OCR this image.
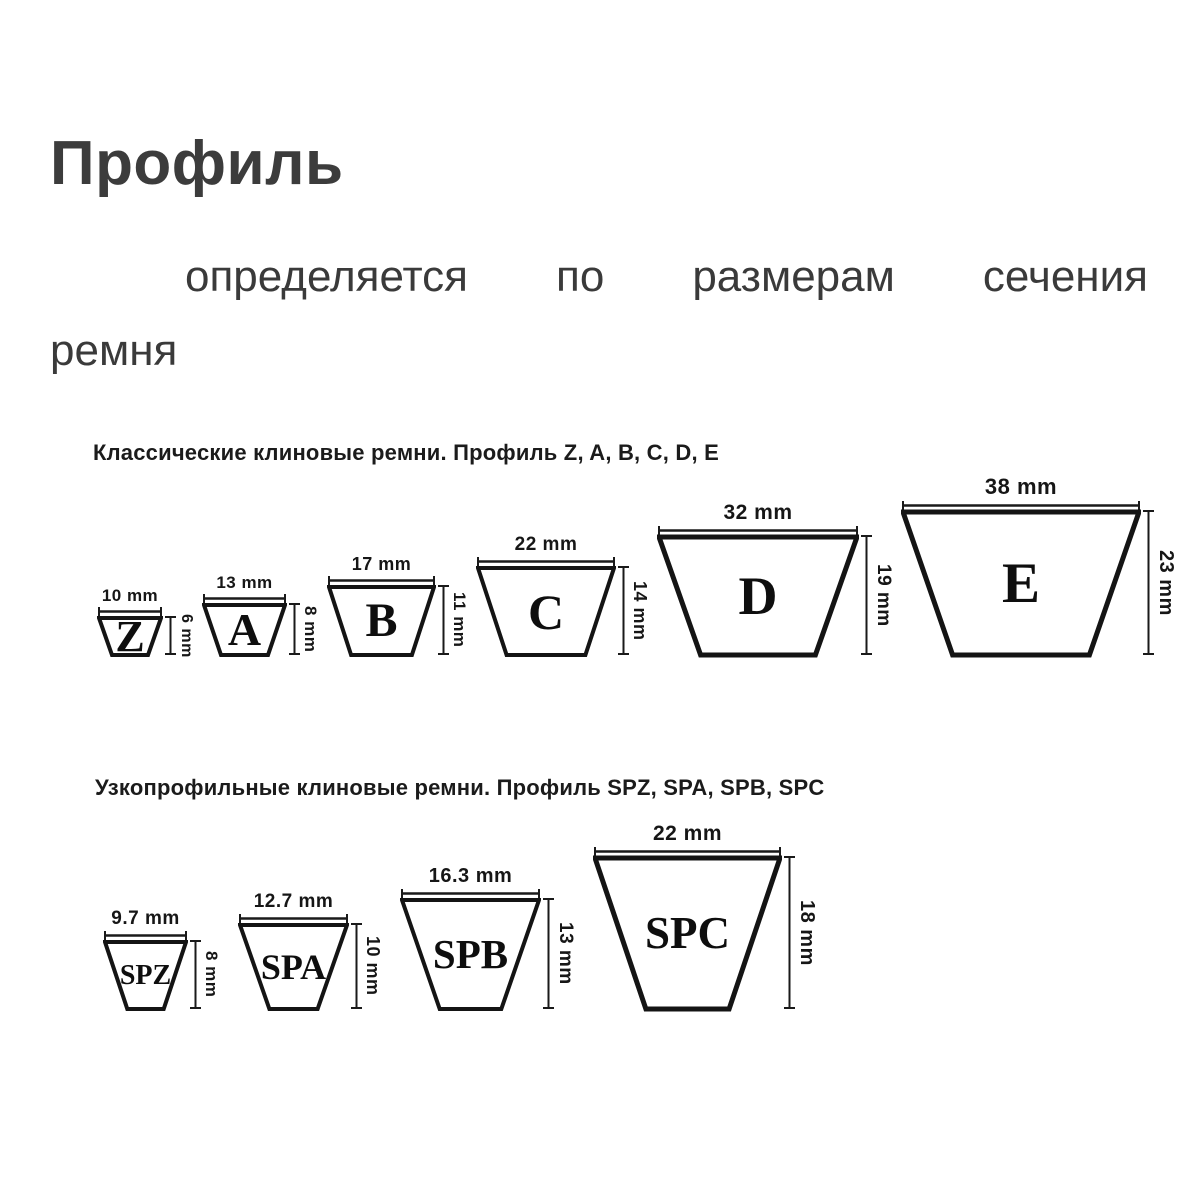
Профиль
определяется по размерам сечения
ремня
Классические клиновые ремни. Профиль Z, A, B, C, D, E
10 mm
Z	6 mm
13 mm
A	8 mm
17 mm
B	11 mm
22 mm
C	14 mm
32 mm
D	19 mm
38 mm
E	23 mm
Узкопрофильные клиновые ремни. Профиль SPZ, SPA, SPB, SPC
9.7 mm
SPZ	8 mm
12.7 mm
SPA	10 mm
16.3 mm
SPB	13 mm
22 mm
SPC	18 mm
